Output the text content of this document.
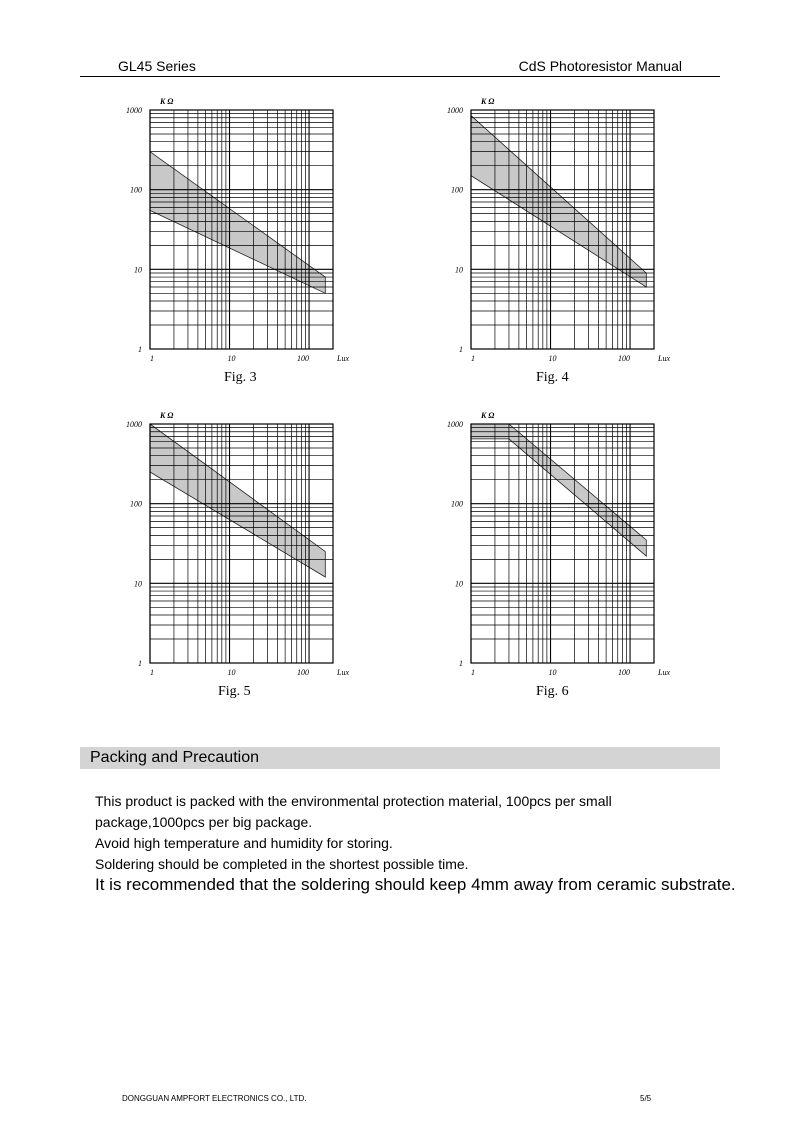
GL45 Series	CdS Photoresistor Manual
1
10
100
1000
1	10	100
K Ω
Lux
1
10
100
1000
1	10	100
K Ω
Lux
1
10
100
1000
1	10	100
K Ω
Lux
1
10
100
1000
1	10	100
K Ω
Lux
Fig. 3	Fig. 4
Fig. 5	Fig. 6
Packing and Precaution
This product is packed with the environmental protection material, 100pcs per small
package,1000pcs per big package.
Avoid high temperature and humidity for storing.
Soldering should be completed in the shortest possible time.
It is recommended that the soldering should keep 4mm away from ceramic substrate.
DONGGUAN AMPFORT ELECTRONICS CO., LTD.	5/5
